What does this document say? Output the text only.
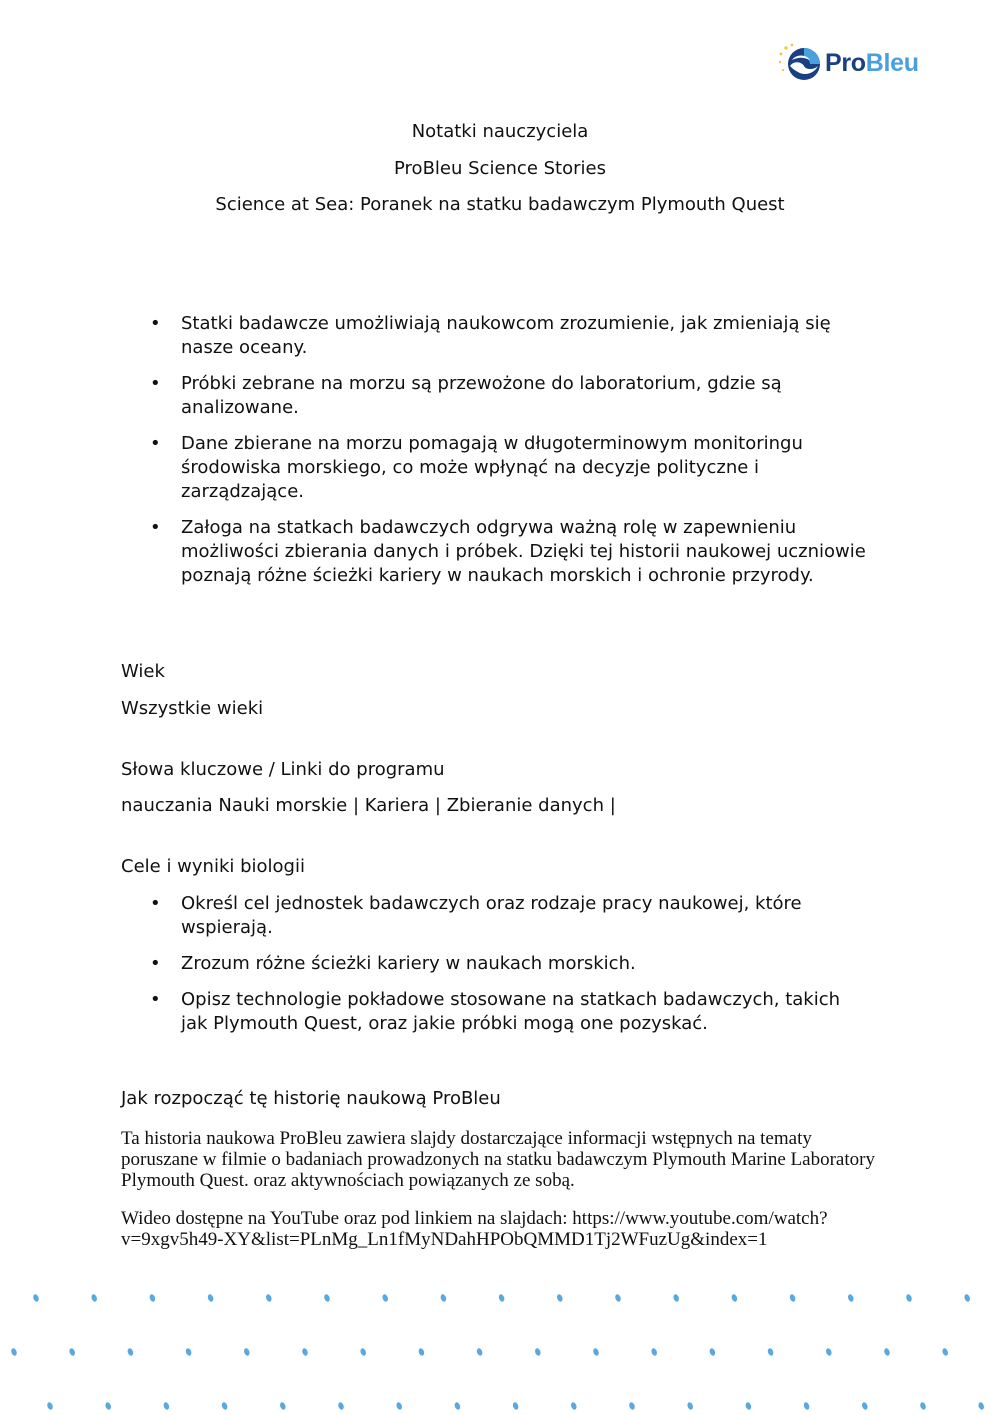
ProBleu
Notatki nauczyciela
ProBleu Science Stories
Science at Sea: Poranek na statku badawczym Plymouth Quest
• Statki badawcze umożliwiają naukowcom zrozumienie, jak zmieniają się nasze oceany.
• Próbki zebrane na morzu są przewożone do laboratorium, gdzie są analizowane.
• Dane zbierane na morzu pomagają w długoterminowym monitoringu środowiska morskiego, co może wpłynąć na decyzje polityczne i zarządzające.
• Załoga na statkach badawczych odgrywa ważną rolę w zapewnieniu możliwości zbierania danych i próbek. Dzięki tej historii naukowej uczniowie poznają różne ścieżki kariery w naukach morskich i ochronie przyrody.
Wiek
Wszystkie wieki
Słowa kluczowe / Linki do programu
nauczania Nauki morskie | Kariera | Zbieranie danych |
Cele i wyniki biologii
• Określ cel jednostek badawczych oraz rodzaje pracy naukowej, które wspierają.
• Zrozum różne ścieżki kariery w naukach morskich.
• Opisz technologie pokładowe stosowane na statkach badawczych, takich jak Plymouth Quest, oraz jakie próbki mogą one pozyskać.
Jak rozpocząć tę historię naukową ProBleu
Ta historia naukowa ProBleu zawiera slajdy dostarczające informacji wstępnych na tematy poruszane w filmie o badaniach prowadzonych na statku badawczym Plymouth Marine Laboratory Plymouth Quest. oraz aktywnościach powiązanych ze sobą.
Wideo dostępne na YouTube oraz pod linkiem na slajdach: https://www.youtube.com/watch?
v=9xgv5h49-XY&list=PLnMg_Ln1fMyNDahHPObQMMD1Tj2WFuzUg&index=1
